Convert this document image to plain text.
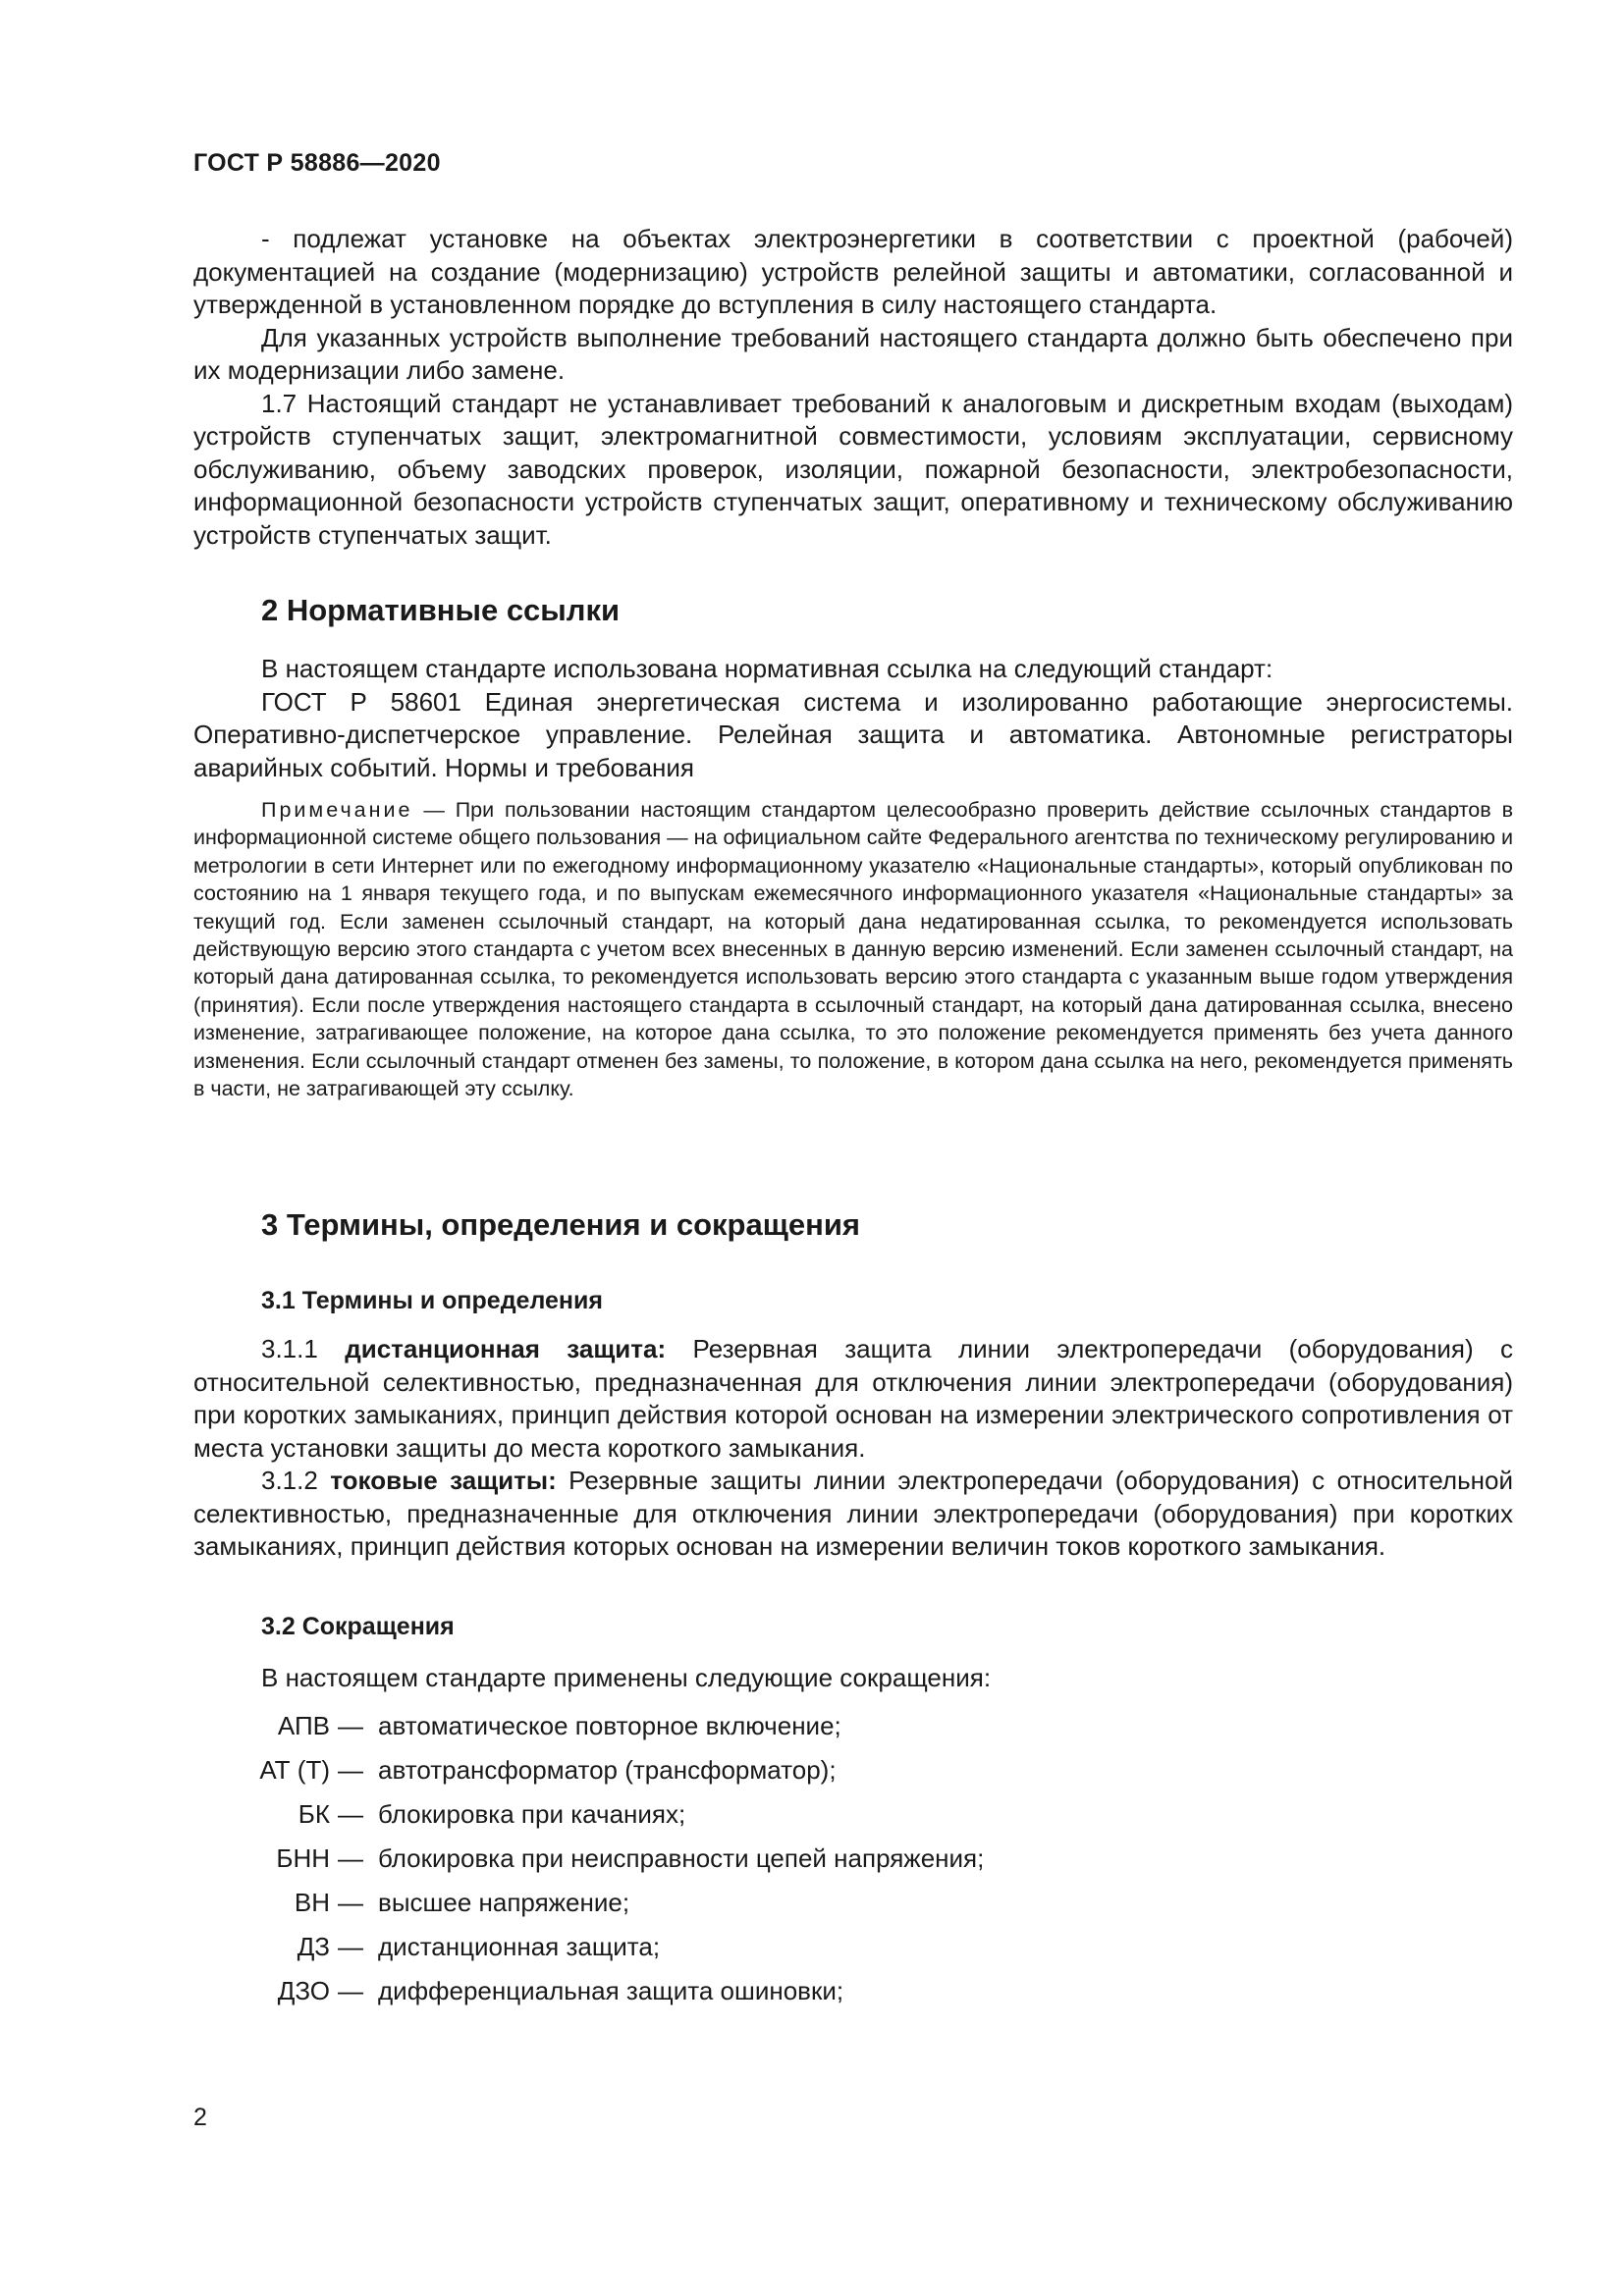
ГОСТ Р 58886—2020

- подлежат установке на объектах электроэнергетики в соответствии с проектной (рабочей) документацией на создание (модернизацию) устройств релейной защиты и автоматики, согласованной и утвержденной в установленном порядке до вступления в силу настоящего стандарта.

Для указанных устройств выполнение требований настоящего стандарта должно быть обеспечено при их модернизации либо замене.

1.7 Настоящий стандарт не устанавливает требований к аналоговым и дискретным входам (выходам) устройств ступенчатых защит, электромагнитной совместимости, условиям эксплуатации, сервисному обслуживанию, объему заводских проверок, изоляции, пожарной безопасности, электробезопасности, информационной безопасности устройств ступенчатых защит, оперативному и техническому обслуживанию устройств ступенчатых защит.

2 Нормативные ссылки

В настоящем стандарте использована нормативная ссылка на следующий стандарт:

ГОСТ Р 58601 Единая энергетическая система и изолированно работающие энергосистемы. Оперативно-диспетчерское управление. Релейная защита и автоматика. Автономные регистраторы аварийных событий. Нормы и требования

Примечание — При пользовании настоящим стандартом целесообразно проверить действие ссылочных стандартов в информационной системе общего пользования — на официальном сайте Федерального агентства по техническому регулированию и метрологии в сети Интернет или по ежегодному информационному указателю «Национальные стандарты», который опубликован по состоянию на 1 января текущего года, и по выпускам ежемесячного информационного указателя «Национальные стандарты» за текущий год. Если заменен ссылочный стандарт, на который дана недатированная ссылка, то рекомендуется использовать действующую версию этого стандарта с учетом всех внесенных в данную версию изменений. Если заменен ссылочный стандарт, на который дана датированная ссылка, то рекомендуется использовать версию этого стандарта с указанным выше годом утверждения (принятия). Если после утверждения настоящего стандарта в ссылочный стандарт, на который дана датированная ссылка, внесено изменение, затрагивающее положение, на которое дана ссылка, то это положение рекомендуется применять без учета данного изменения. Если ссылочный стандарт отменен без замены, то положение, в котором дана ссылка на него, рекомендуется применять в части, не затрагивающей эту ссылку.

3 Термины, определения и сокращения
3.1 Термины и определения

3.1.1 дистанционная защита: Резервная защита линии электропередачи (оборудования) с относительной селективностью, предназначенная для отключения линии электропередачи (оборудования) при коротких замыканиях, принцип действия которой основан на измерении электрического сопротивления от места установки защиты до места короткого замыкания.

3.1.2 токовые защиты: Резервные защиты линии электропередачи (оборудования) с относительной селективностью, предназначенные для отключения линии электропередачи (оборудования) при коротких замыканиях, принцип действия которых основан на измерении величин токов короткого замыкания.

3.2 Сокращения
В настоящем стандарте применены следующие сокращения:
АПВ — автоматическое повторное включение;
АТ (Т) — автотрансформатор (трансформатор);
БК — блокировка при качаниях;
БНН — блокировка при неисправности цепей напряжения;
ВН — высшее напряжение;
ДЗ — дистанционная защита;
ДЗО — дифференциальная защита ошиновки;
2
